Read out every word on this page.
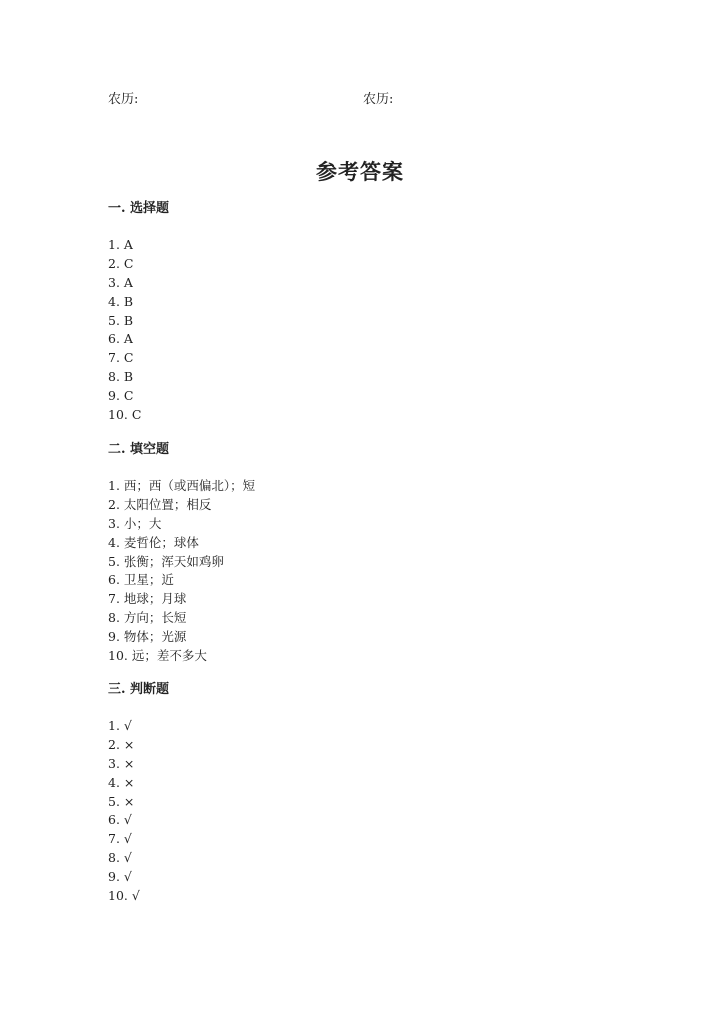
农历:	农历:
参考答案
一. 选择题
1. A
2. C
3. A
4. B
5. B
6. A
7. C
8. B
9. C
10. C
二. 填空题
1. 西；西（或西偏北）；短
2. 太阳位置；相反
3. 小；大
4. 麦哲伦；球体
5. 张衡；浑天如鸡卵
6. 卫星；近
7. 地球；月球
8. 方向；长短
9. 物体；光源
10. 远；差不多大
三. 判断题
1. √
2. ×
3. ×
4. ×
5. ×
6. √
7. √
8. √
9. √
10. √
